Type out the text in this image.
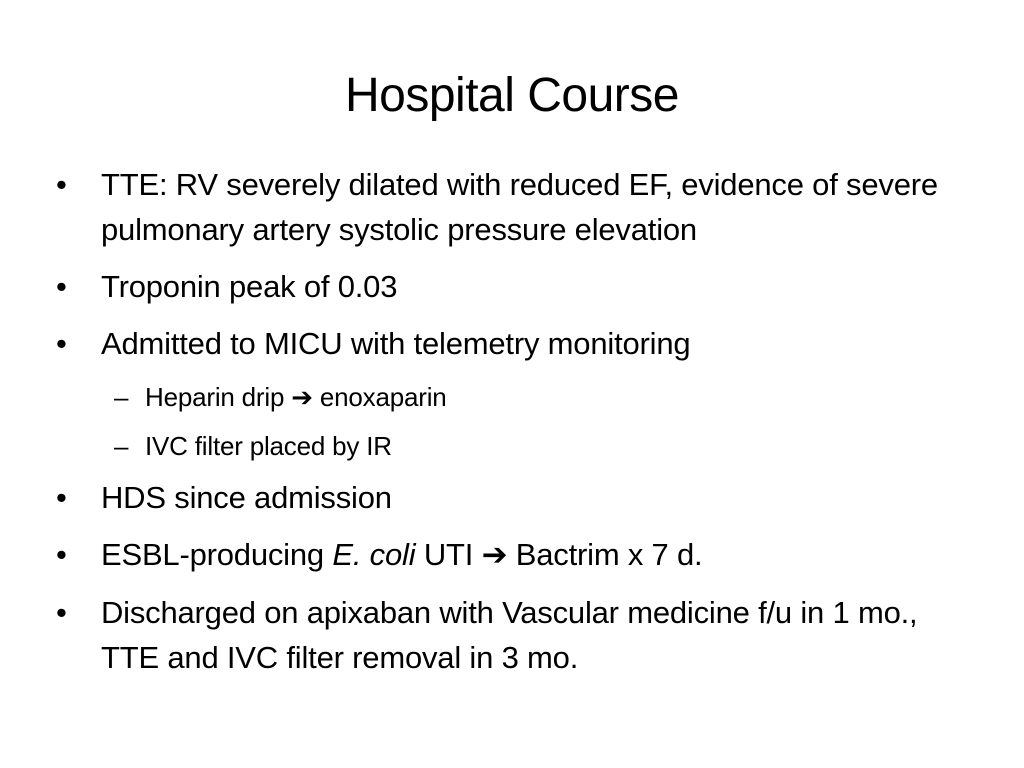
Hospital Course
• TTE: RV severely dilated with reduced EF, evidence of severe pulmonary artery systolic pressure elevation
• Troponin peak of 0.03
• Admitted to MICU with telemetry monitoring
– Heparin drip ➔ enoxaparin
– IVC filter placed by IR
• HDS since admission
• ESBL-producing E. coli UTI ➔ Bactrim x 7 d.
• Discharged on apixaban with Vascular medicine f/u in 1 mo., TTE and IVC filter removal in 3 mo.
